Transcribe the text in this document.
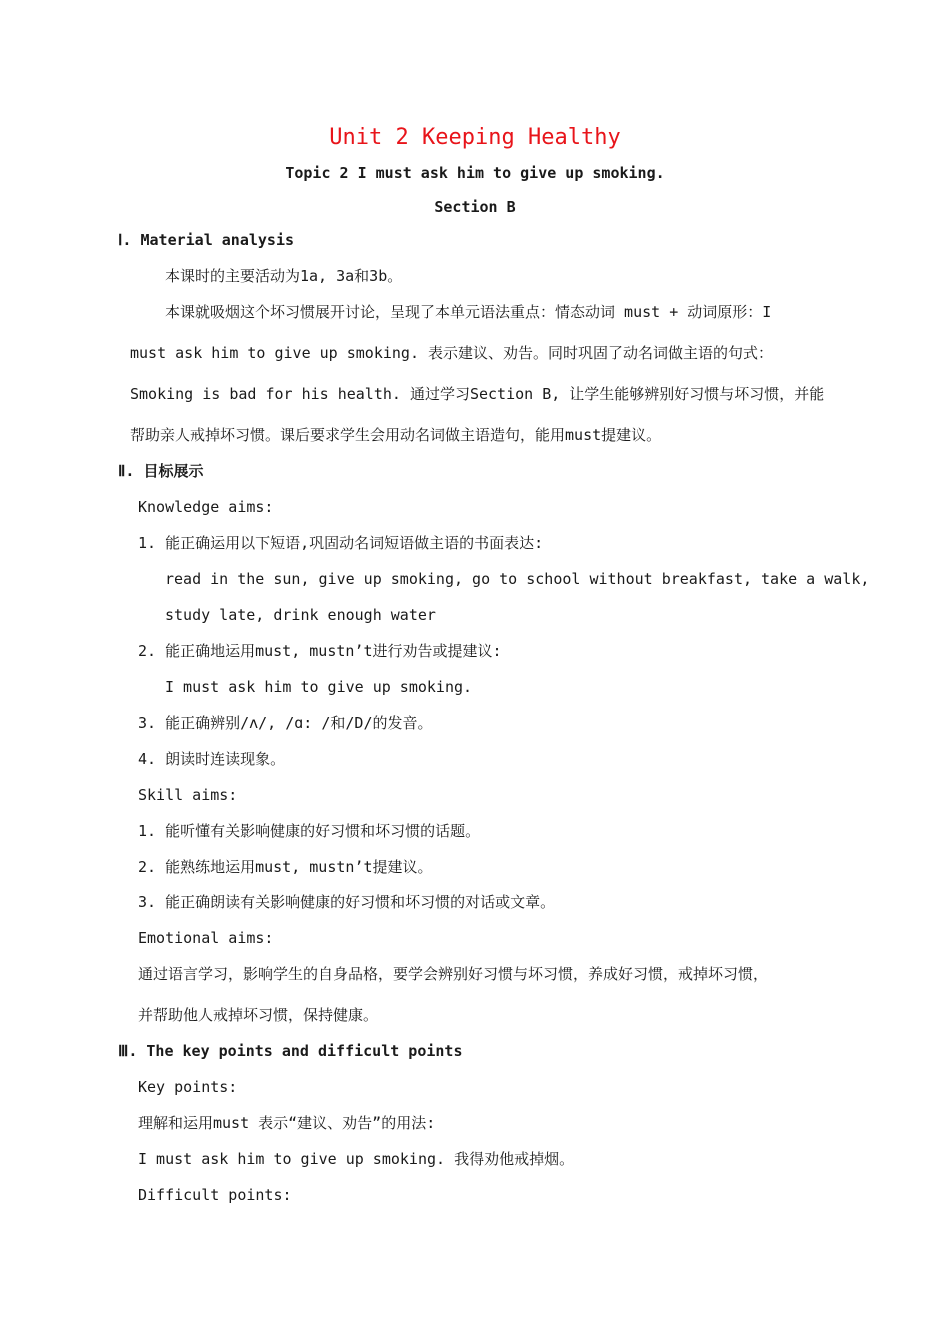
Unit 2 Keeping Healthy
Topic 2 I must ask him to give up smoking.
Section B
Ⅰ. Material analysis
本课时的主要活动为1a, 3a和3b。
本课就吸烟这个坏习惯展开讨论，呈现了本单元语法重点：情态动词 must + 动词原形：I
must ask him to give up smoking. 表示建议、劝告。同时巩固了动名词做主语的句式：
Smoking is bad for his health. 通过学习Section B, 让学生能够辨别好习惯与坏习惯，并能
帮助亲人戒掉坏习惯。课后要求学生会用动名词做主语造句，能用must提建议。
Ⅱ. 目标展示
Knowledge aims:
1. 能正确运用以下短语,巩固动名词短语做主语的书面表达:
read in the sun, give up smoking, go to school without breakfast, take a walk,
study late, drink enough water
2. 能正确地运用must, mustn’t进行劝告或提建议:
I must ask him to give up smoking.
3. 能正确辨别/ʌ/, /ɑ: /和/D/的发音。
4. 朗读时连读现象。
Skill aims:
1. 能听懂有关影响健康的好习惯和坏习惯的话题。
2. 能熟练地运用must, mustn’t提建议。
3. 能正确朗读有关影响健康的好习惯和坏习惯的对话或文章。
Emotional aims:
通过语言学习，影响学生的自身品格，要学会辨别好习惯与坏习惯，养成好习惯，戒掉坏习惯，
并帮助他人戒掉坏习惯，保持健康。
Ⅲ. The key points and difficult points
Key points:
理解和运用must 表示“建议、劝告”的用法:
I must ask him to give up smoking. 我得劝他戒掉烟。
Difficult points:
